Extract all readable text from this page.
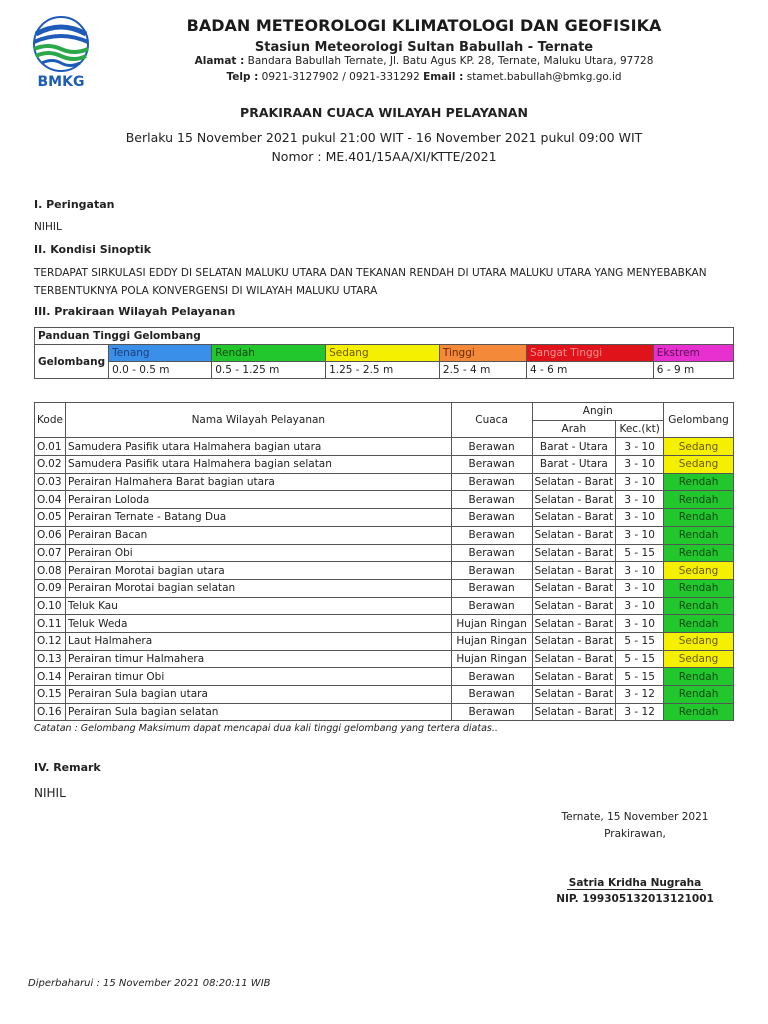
BMKG
BADAN METEOROLOGI KLIMATOLOGI DAN GEOFISIKA
Stasiun Meteorologi Sultan Babullah - Ternate
Alamat : Bandara Babullah Ternate, Jl. Batu Agus KP. 28, Ternate, Maluku Utara, 97728
Telp : 0921-3127902 / 0921-331292 Email : stamet.babullah@bmkg.go.id
PRAKIRAAN CUACA WILAYAH PELAYANAN
Berlaku 15 November 2021 pukul 21:00 WIT - 16 November 2021 pukul 09:00 WIT
Nomor : ME.401/15AA/XI/KTTE/2021
I. Peringatan
NIHIL
II. Kondisi Sinoptik
TERDAPAT SIRKULASI EDDY DI SELATAN MALUKU UTARA DAN TEKANAN RENDAH DI UTARA MALUKU UTARA YANG MENYEBABKAN TERBENTUKNYA POLA KONVERGENSI DI WILAYAH MALUKU UTARA
III. Prakiraan Wilayah Pelayanan
Panduan Tinggi Gelombang						
Gelombang	Tenang	Rendah	Sedang	Tinggi	Sangat Tinggi	Ekstrem
	0.0 - 0.5 m	0.5 - 1.25 m	1.25 - 2.5 m	2.5 - 4 m	4 - 6 m	6 - 9 m
Kode	Nama Wilayah Pelayanan	Cuaca	Angin		Gelombang
			Arah	Kec.(kt)	
O.01	Samudera Pasifik utara Halmahera bagian utara	Berawan	Barat - Utara	3 - 10	Sedang
O.02	Samudera Pasifik utara Halmahera bagian selatan	Berawan	Barat - Utara	3 - 10	Sedang
O.03	Perairan Halmahera Barat bagian utara	Berawan	Selatan - Barat	3 - 10	Rendah
O.04	Perairan Loloda	Berawan	Selatan - Barat	3 - 10	Rendah
O.05	Perairan Ternate - Batang Dua	Berawan	Selatan - Barat	3 - 10	Rendah
O.06	Perairan Bacan	Berawan	Selatan - Barat	3 - 10	Rendah
O.07	Perairan Obi	Berawan	Selatan - Barat	5 - 15	Rendah
O.08	Perairan Morotai bagian utara	Berawan	Selatan - Barat	3 - 10	Sedang
O.09	Perairan Morotai bagian selatan	Berawan	Selatan - Barat	3 - 10	Rendah
O.10	Teluk Kau	Berawan	Selatan - Barat	3 - 10	Rendah
O.11	Teluk Weda	Hujan Ringan	Selatan - Barat	3 - 10	Rendah
O.12	Laut Halmahera	Hujan Ringan	Selatan - Barat	5 - 15	Sedang
O.13	Perairan timur Halmahera	Hujan Ringan	Selatan - Barat	5 - 15	Sedang
O.14	Perairan timur Obi	Berawan	Selatan - Barat	5 - 15	Rendah
O.15	Perairan Sula bagian utara	Berawan	Selatan - Barat	3 - 12	Rendah
O.16	Perairan Sula bagian selatan	Berawan	Selatan - Barat	3 - 12	Rendah
Catatan : Gelombang Maksimum dapat mencapai dua kali tinggi gelombang yang tertera diatas..
IV. Remark
NIHIL
Ternate, 15 November 2021
Prakirawan,
Satria Kridha Nugraha
NIP. 199305132013121001
Diperbaharui : 15 November 2021 08:20:11 WIB
